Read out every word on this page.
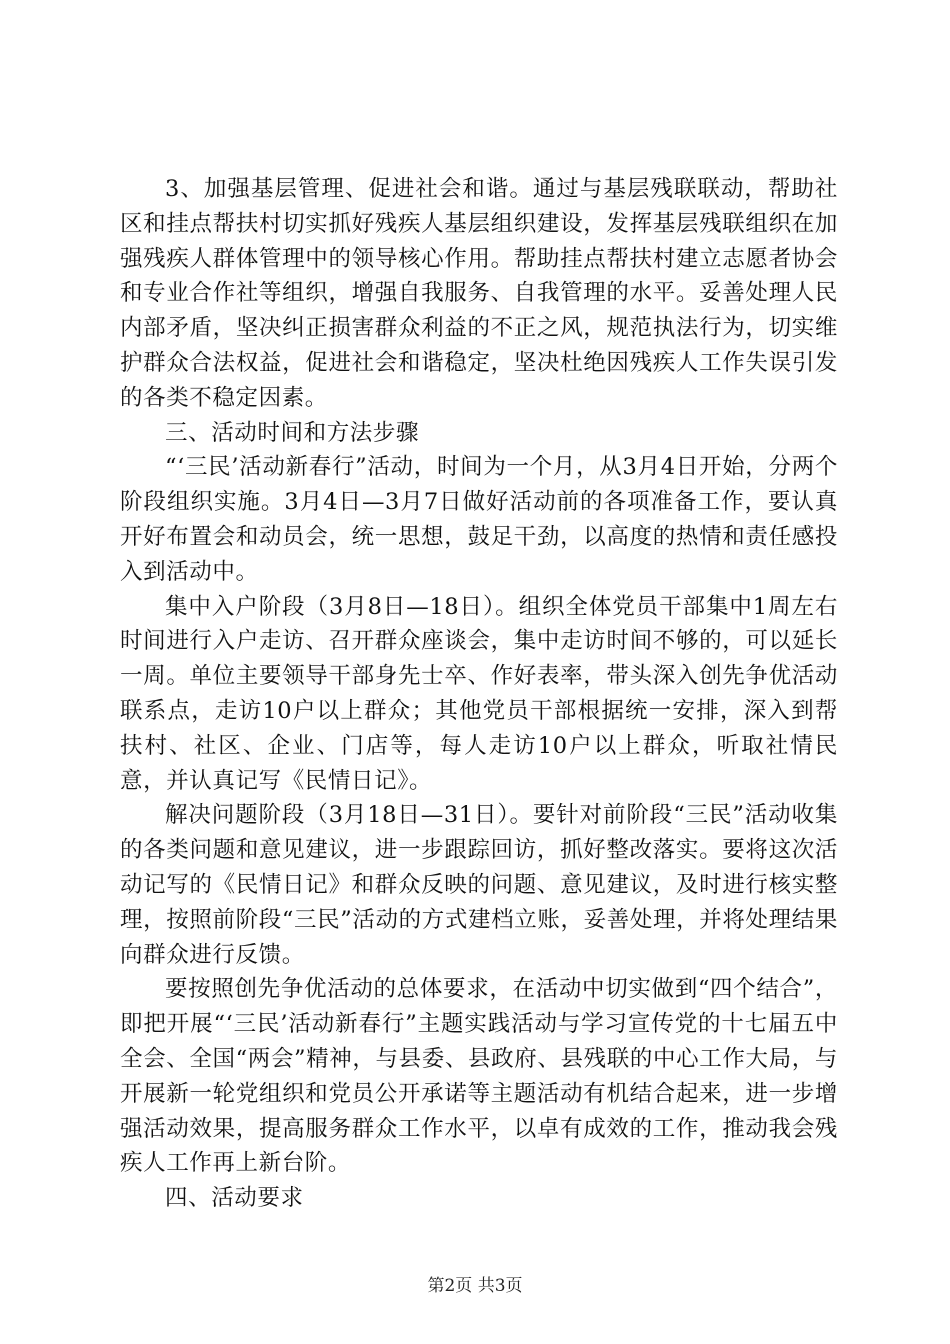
3、加强基层管理、促进社会和谐。通过与基层残联联动，帮助社区和挂点帮扶村切实抓好残疾人基层组织建设，发挥基层残联组织在加强残疾人群体管理中的领导核心作用。帮助挂点帮扶村建立志愿者协会和专业合作社等组织，增强自我服务、自我管理的水平。妥善处理人民内部矛盾，坚决纠正损害群众利益的不正之风，规范执法行为，切实维护群众合法权益，促进社会和谐稳定，坚决杜绝因残疾人工作失误引发的各类不稳定因素。

三、活动时间和方法步骤

“‘三民’活动新春行”活动，时间为一个月，从3月4日开始，分两个阶段组织实施。3月4日—3月7日做好活动前的各项准备工作，要认真开好布置会和动员会，统一思想，鼓足干劲，以高度的热情和责任感投入到活动中。

集中入户阶段（3月8日—18日）。组织全体党员干部集中1周左右时间进行入户走访、召开群众座谈会，集中走访时间不够的，可以延长一周。单位主要领导干部身先士卒、作好表率，带头深入创先争优活动联系点，走访10户以上群众；其他党员干部根据统一安排，深入到帮扶村、社区、企业、门店等，每人走访10户以上群众，听取社情民意，并认真记写《民情日记》。

解决问题阶段（3月18日—31日）。要针对前阶段“三民”活动收集的各类问题和意见建议，进一步跟踪回访，抓好整改落实。要将这次活动记写的《民情日记》和群众反映的问题、意见建议，及时进行核实整理，按照前阶段“三民”活动的方式建档立账，妥善处理，并将处理结果向群众进行反馈。

要按照创先争优活动的总体要求，在活动中切实做到“四个结合”，即把开展“‘三民’活动新春行”主题实践活动与学习宣传党的十七届五中全会、全国“两会”精神，与县委、县政府、县残联的中心工作大局，与开展新一轮党组织和党员公开承诺等主题活动有机结合起来，进一步增强活动效果，提高服务群众工作水平，以卓有成效的工作，推动我会残疾人工作再上新台阶。

四、活动要求

第2页 共3页
